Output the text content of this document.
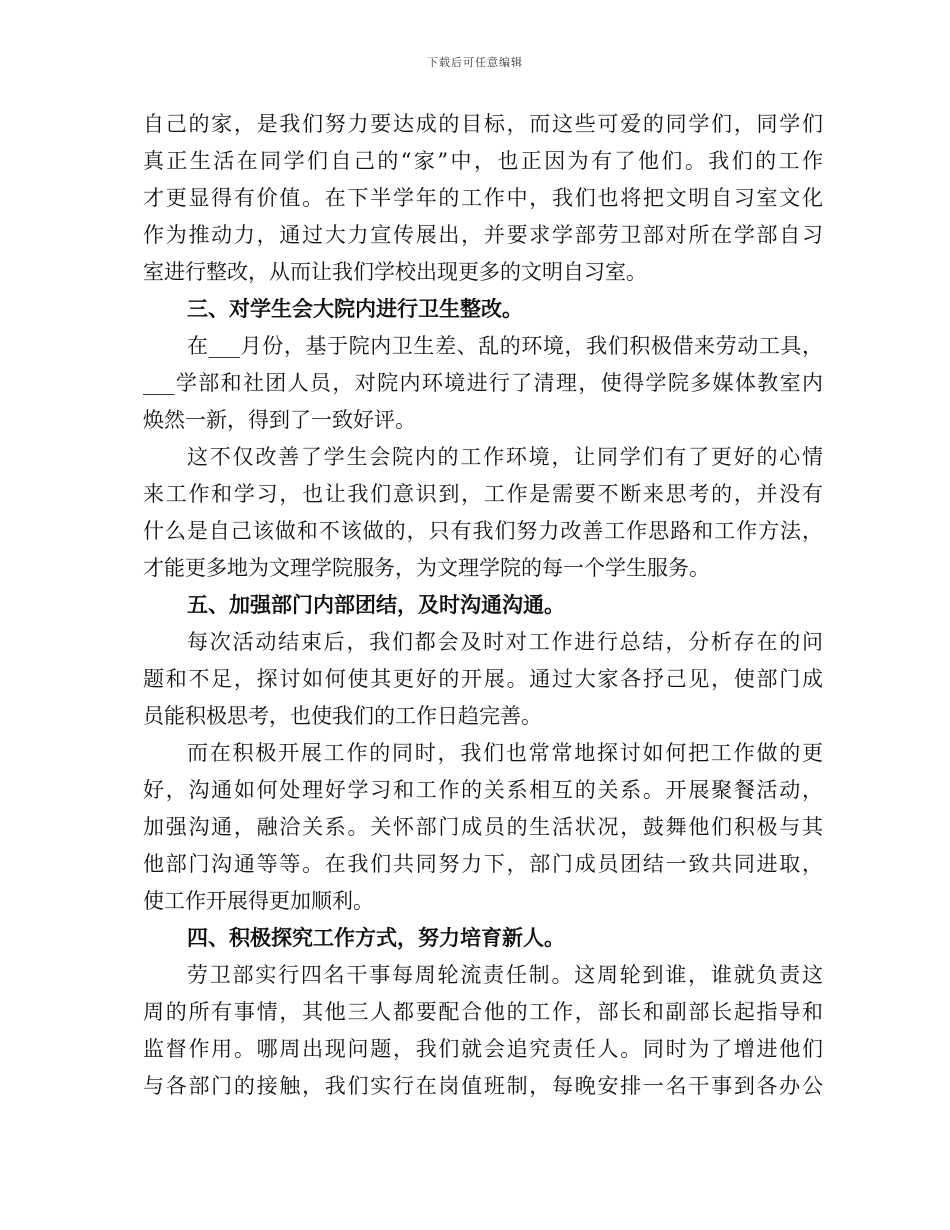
下载后可任意编辑
自己的家，是我们努力要达成的目标，而这些可爱的同学们，同学们
真正生活在同学们自己的“家”中，也正因为有了他们。我们的工作
才更显得有价值。在下半学年的工作中，我们也将把文明自习室文化
作为推动力，通过大力宣传展出，并要求学部劳卫部对所在学部自习
室进行整改，从而让我们学校出现更多的文明自习室。
三、对学生会大院内进行卫生整改。
在___月份，基于院内卫生差、乱的环境，我们积极借来劳动工具，
___学部和社团人员，对院内环境进行了清理，使得学院多媒体教室内
焕然一新，得到了一致好评。
这不仅改善了学生会院内的工作环境，让同学们有了更好的心情
来工作和学习，也让我们意识到，工作是需要不断来思考的，并没有
什么是自己该做和不该做的，只有我们努力改善工作思路和工作方法，
才能更多地为文理学院服务，为文理学院的每一个学生服务。
五、加强部门内部团结，及时沟通沟通。
每次活动结束后，我们都会及时对工作进行总结，分析存在的问
题和不足，探讨如何使其更好的开展。通过大家各抒己见，使部门成
员能积极思考，也使我们的工作日趋完善。
而在积极开展工作的同时，我们也常常地探讨如何把工作做的更
好，沟通如何处理好学习和工作的关系相互的关系。开展聚餐活动，
加强沟通，融洽关系。关怀部门成员的生活状况，鼓舞他们积极与其
他部门沟通等等。在我们共同努力下，部门成员团结一致共同进取，
使工作开展得更加顺利。
四、积极探究工作方式，努力培育新人。
劳卫部实行四名干事每周轮流责任制。这周轮到谁，谁就负责这
周的所有事情，其他三人都要配合他的工作，部长和副部长起指导和
监督作用。哪周出现问题，我们就会追究责任人。同时为了增进他们
与各部门的接触，我们实行在岗值班制，每晚安排一名干事到各办公
